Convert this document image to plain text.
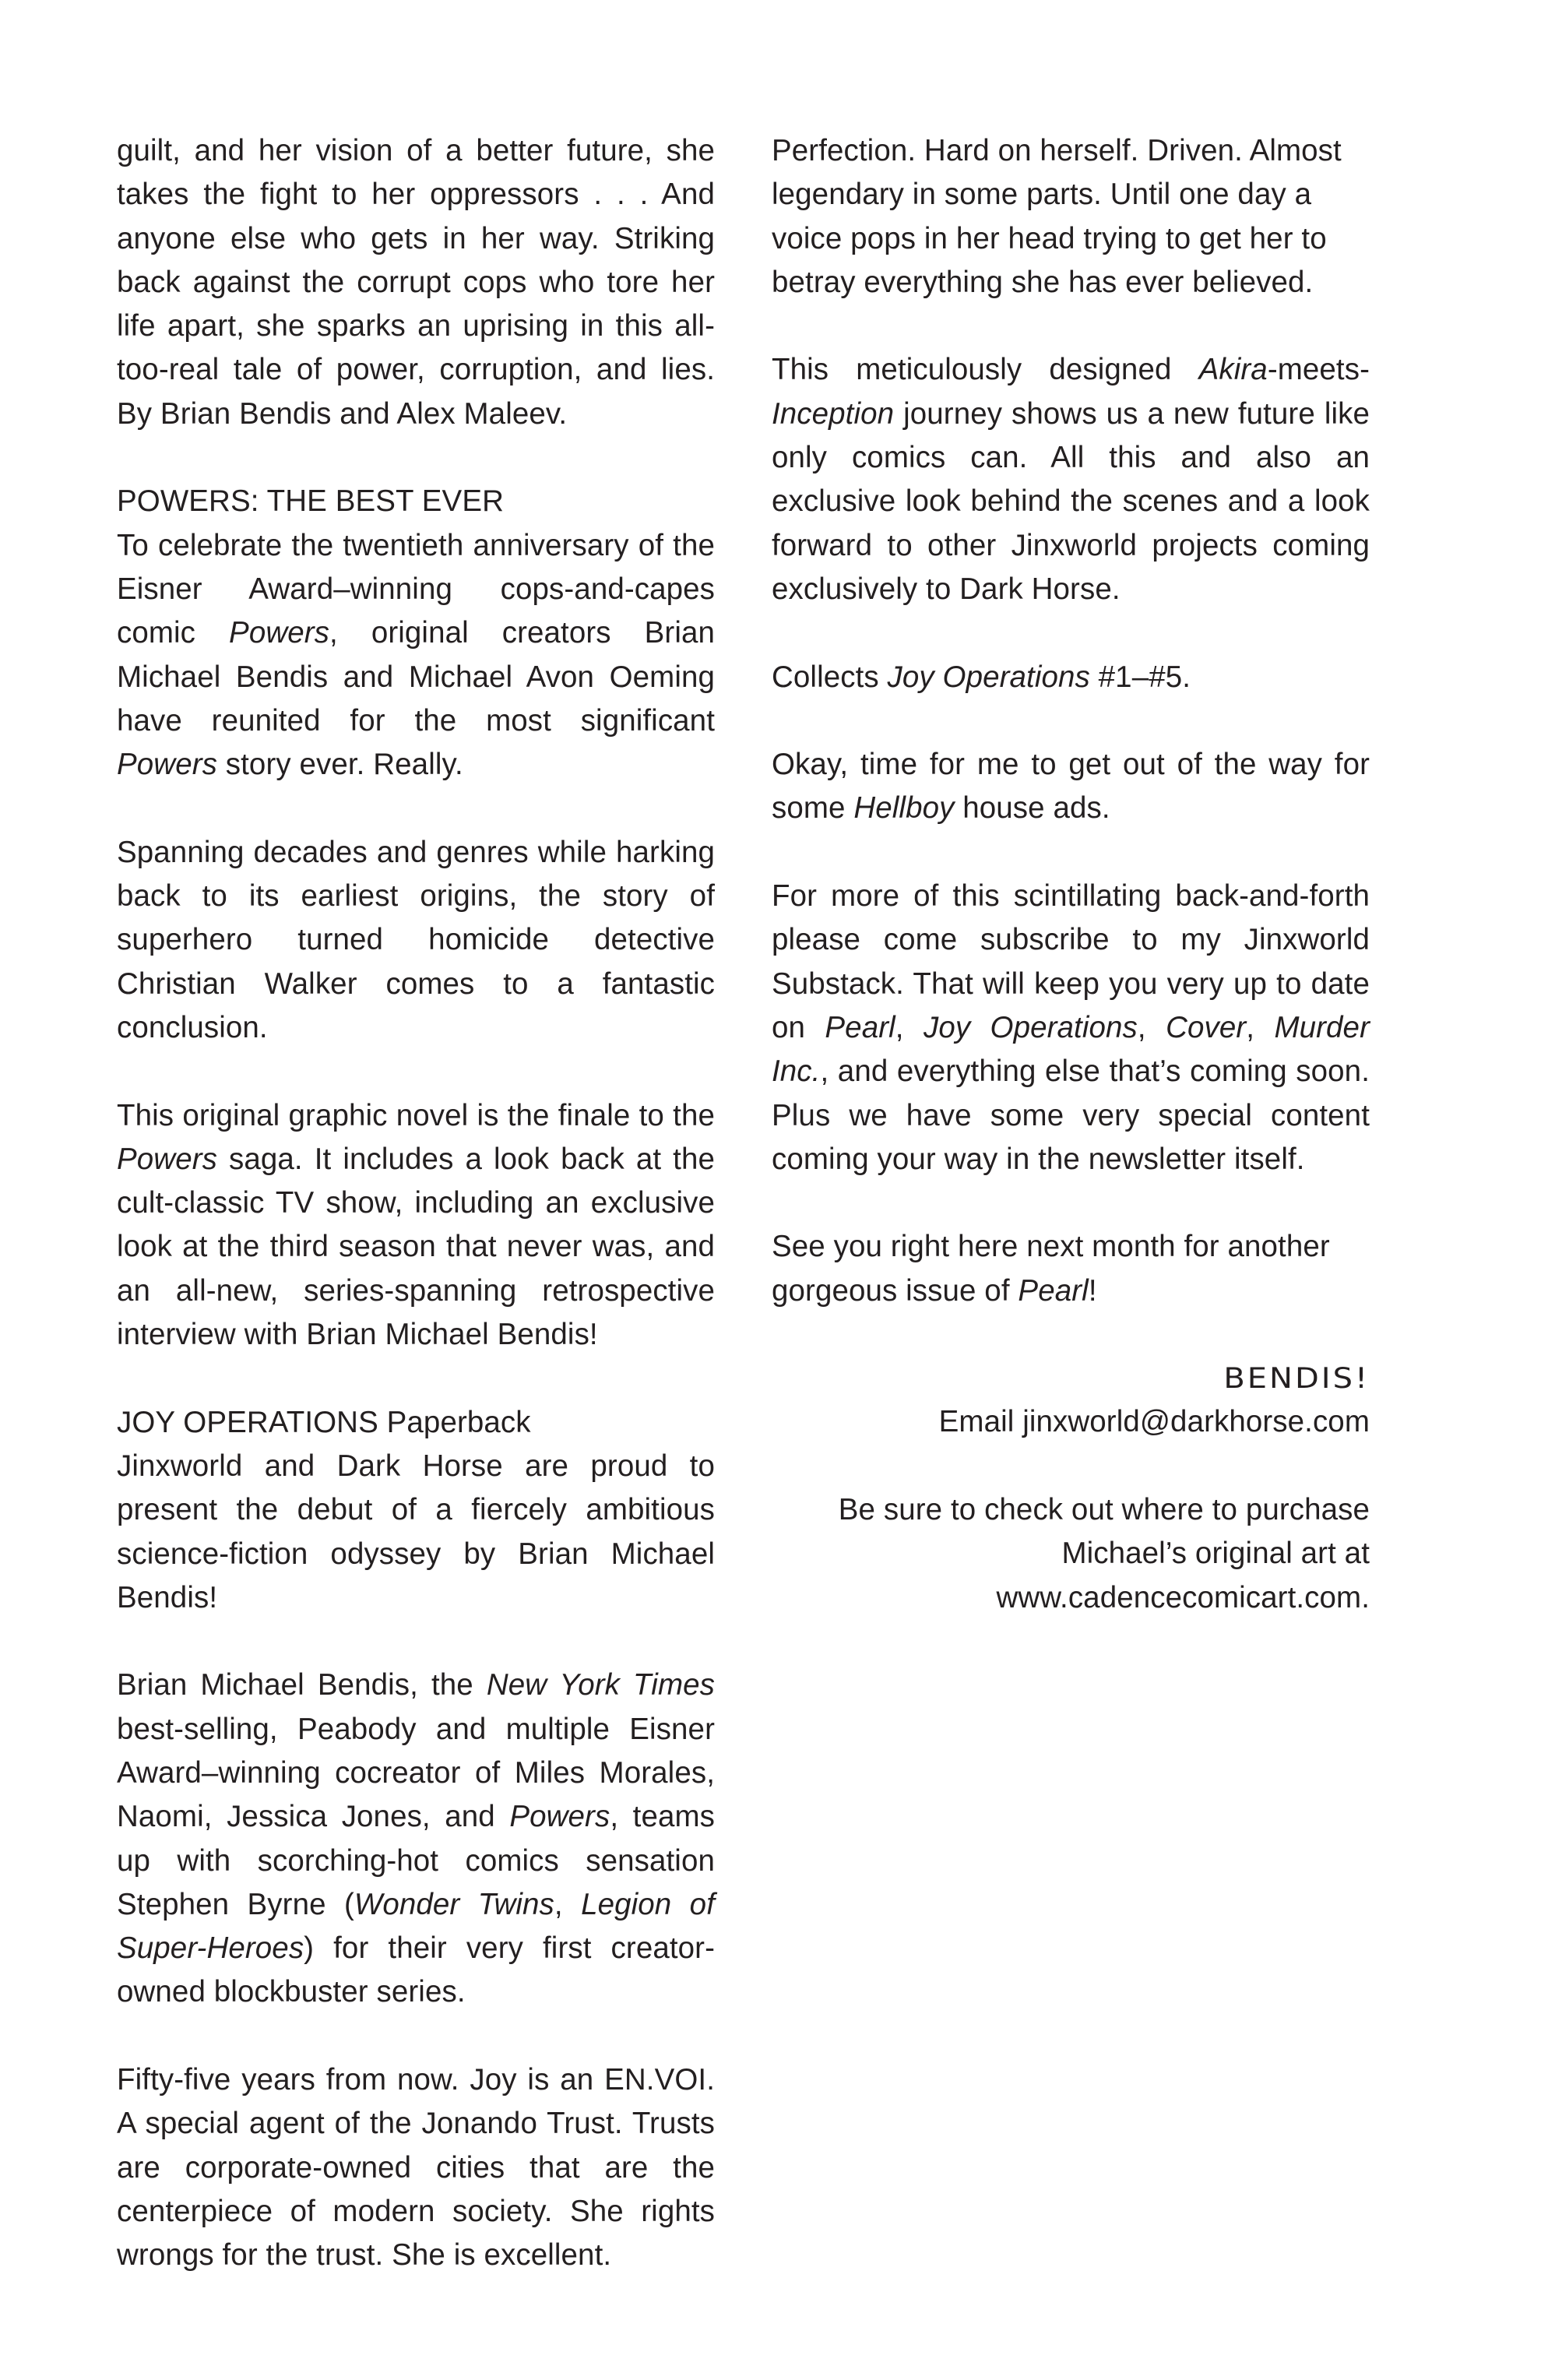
guilt, and her vision of a better future, she takes the fight to her oppressors . . . And anyone else who gets in her way. Striking back against the corrupt cops who tore her life apart, she sparks an uprising in this all-too-real tale of power, corruption, and lies. By Brian Bendis and Alex Maleev.

POWERS: THE BEST EVER

To celebrate the twentieth anniversary of the Eisner Award–winning cops-and-capes comic Powers, original creators Brian Michael Bendis and Michael Avon Oeming have reunited for the most significant Powers story ever. Really.

Spanning decades and genres while harking back to its earliest origins, the story of superhero turned homicide detective Christian Walker comes to a fantastic conclusion.

This original graphic novel is the finale to the Powers saga. It includes a look back at the cult-classic TV show, including an exclusive look at the third season that never was, and an all-new, series-spanning retrospective interview with Brian Michael Bendis!

JOY OPERATIONS Paperback

Jinxworld and Dark Horse are proud to present the debut of a fiercely ambitious science-fiction odyssey by Brian Michael Bendis!

Brian Michael Bendis, the New York Times best-selling, Peabody and multiple Eisner Award–winning cocreator of Miles Morales, Naomi, Jessica Jones, and Powers, teams up with scorching-hot comics sensation Stephen Byrne (Wonder Twins, Legion of Super-Heroes) for their very first creator-owned blockbuster series.

Fifty-five years from now. Joy is an EN.VOI. A special agent of the Jonando Trust. Trusts are corporate-owned cities that are the centerpiece of modern society. She rights wrongs for the trust. She is excellent.

Perfection. Hard on herself. Driven. Almost legendary in some parts. Until one day a voice pops in her head trying to get her to betray everything she has ever believed.

This meticulously designed Akira-meets-Inception journey shows us a new future like only comics can. All this and also an exclusive look behind the scenes and a look forward to other Jinxworld projects coming exclusively to Dark Horse.

Collects Joy Operations #1–#5.

Okay, time for me to get out of the way for some Hellboy house ads.

For more of this scintillating back-and-forth please come subscribe to my Jinxworld Substack. That will keep you very up to date on Pearl, Joy Operations, Cover, Murder Inc., and everything else that’s coming soon. Plus we have some very special content coming your way in the newsletter itself.

See you right here next month for another gorgeous issue of Pearl!

BENDIS!

Email jinxworld@darkhorse.com

Be sure to check out where to purchase

Michael’s original art at

www.cadencecomicart.com.
